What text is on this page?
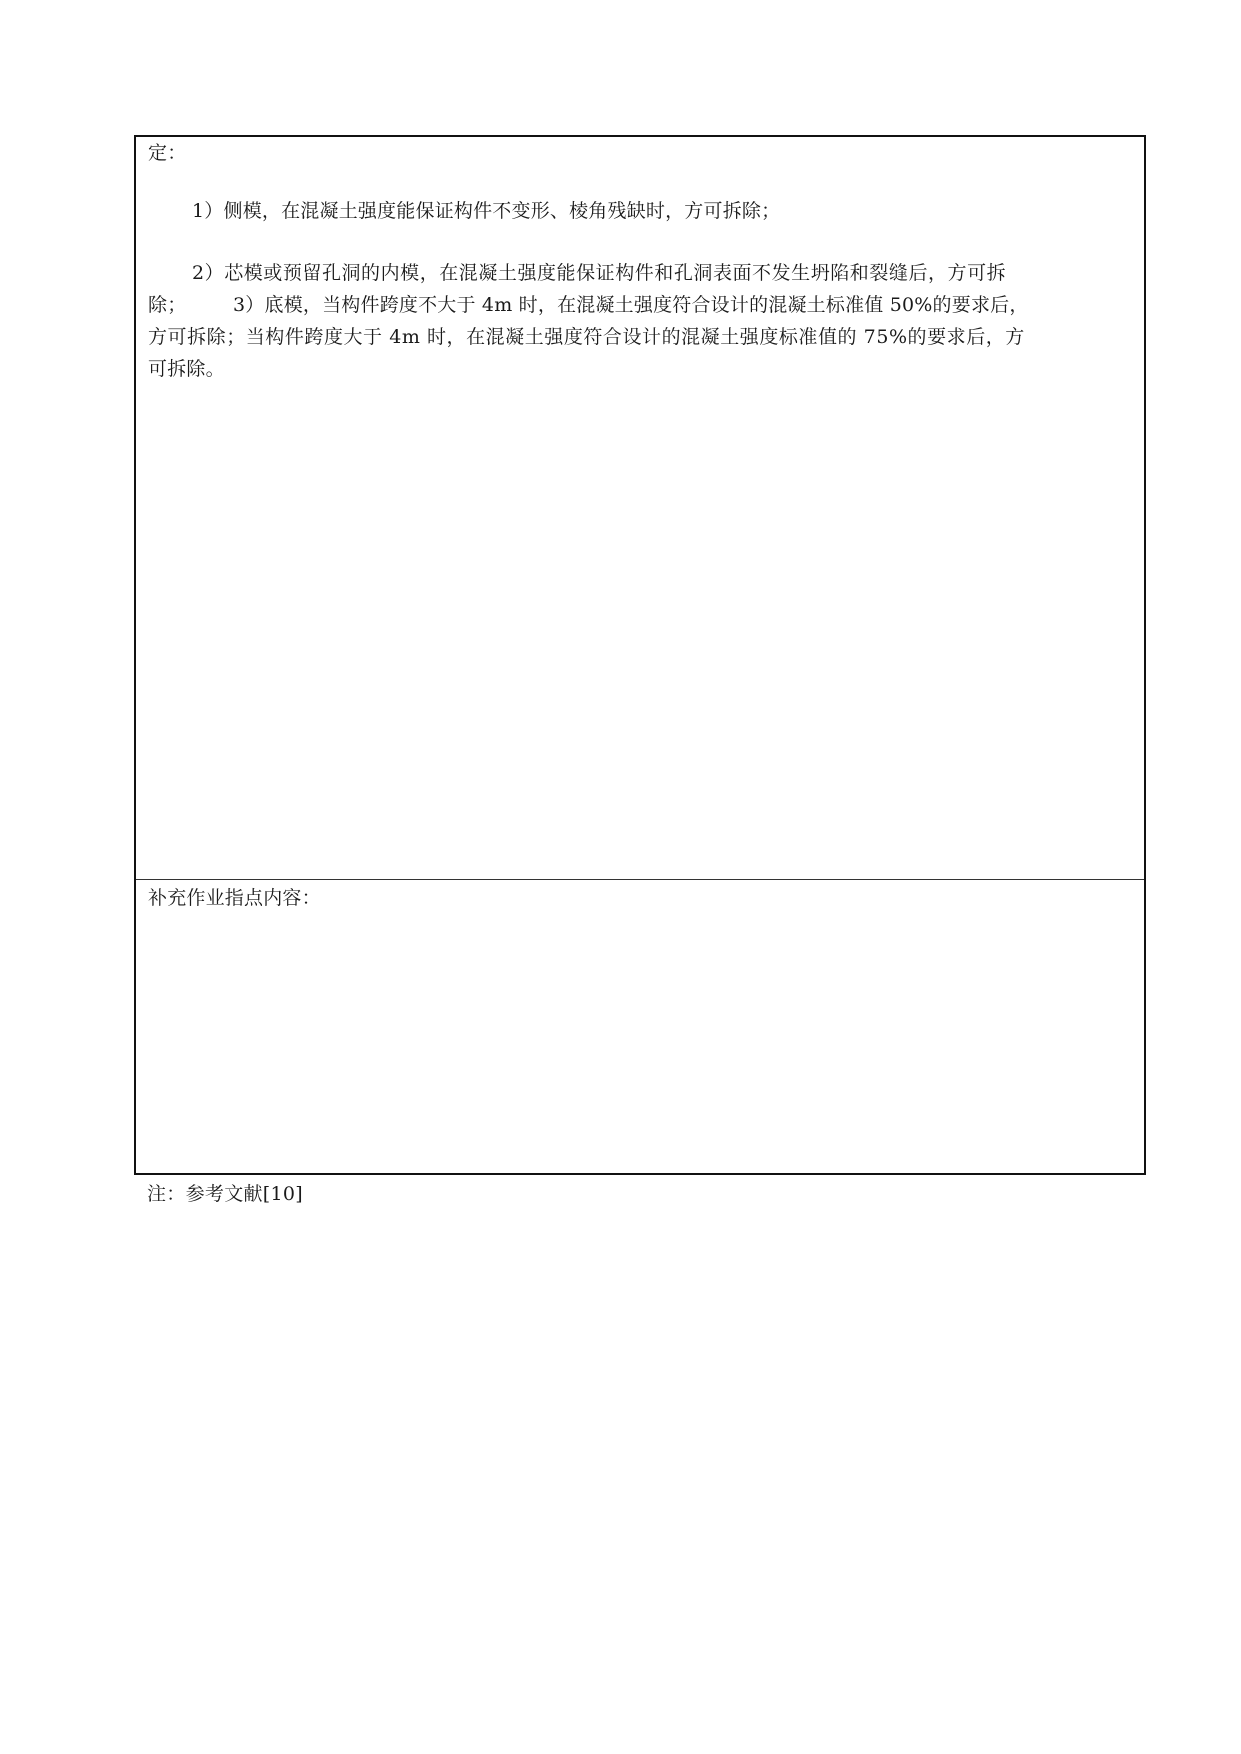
定：
1）侧模，在混凝土强度能保证构件不变形、棱角残缺时，方可拆除；
2）芯模或预留孔洞的内模，在混凝土强度能保证构件和孔洞表面不发生坍陷和裂缝后，方可拆
除； 3）底模，当构件跨度不大于 4m 时，在混凝土强度符合设计的混凝土标准值 50%的要求后，
方可拆除；当构件跨度大于 4m 时，在混凝土强度符合设计的混凝土强度标准值的 75%的要求后，方
可拆除。
补充作业指点内容：
注：参考文献[10]
